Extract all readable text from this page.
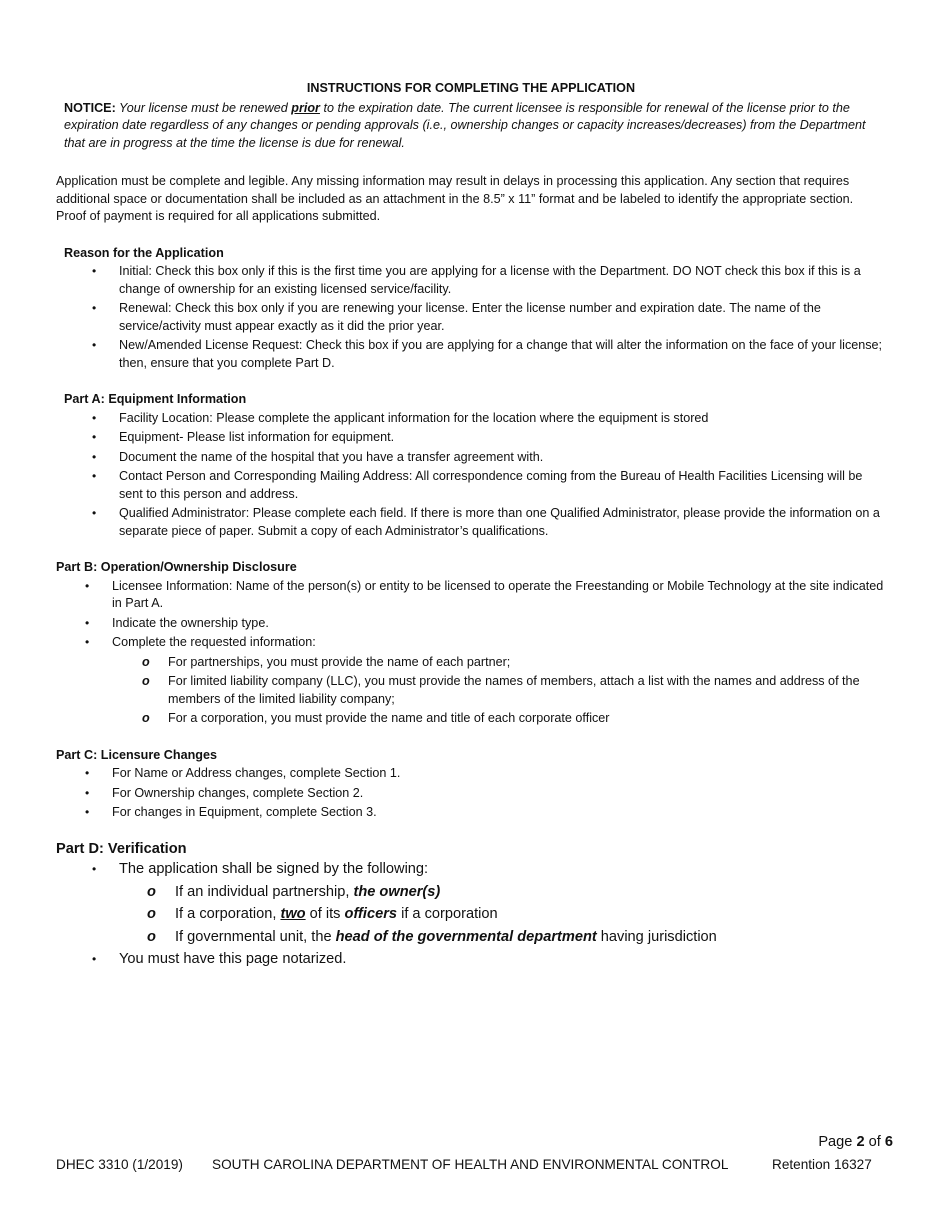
INSTRUCTIONS FOR COMPLETING THE APPLICATION
NOTICE: Your license must be renewed prior to the expiration date. The current licensee is responsible for renewal of the license prior to the expiration date regardless of any changes or pending approvals (i.e., ownership changes or capacity increases/decreases) from the Department that are in progress at the time the license is due for renewal.
Application must be complete and legible. Any missing information may result in delays in processing this application. Any section that requires additional space or documentation shall be included as an attachment in the 8.5” x 11” format and be labeled to identify the appropriate section. Proof of payment is required for all applications submitted.
Reason for the Application
• Initial: Check this box only if this is the first time you are applying for a license with the Department. DO NOT check this box if this is a change of ownership for an existing licensed service/facility.
• Renewal: Check this box only if you are renewing your license. Enter the license number and expiration date. The name of the service/activity must appear exactly as it did the prior year.
• New/Amended License Request: Check this box if you are applying for a change that will alter the information on the face of your license; then, ensure that you complete Part D.
Part A: Equipment Information
• Facility Location: Please complete the applicant information for the location where the equipment is stored
• Equipment- Please list information for equipment.
• Document the name of the hospital that you have a transfer agreement with.
• Contact Person and Corresponding Mailing Address: All correspondence coming from the Bureau of Health Facilities Licensing will be sent to this person and address.
• Qualified Administrator: Please complete each field. If there is more than one Qualified Administrator, please provide the information on a separate piece of paper. Submit a copy of each Administrator’s qualifications.
Part B: Operation/Ownership Disclosure
• Licensee Information: Name of the person(s) or entity to be licensed to operate the Freestanding or Mobile Technology at the site indicated in Part A.
• Indicate the ownership type.
• Complete the requested information:
o For partnerships, you must provide the name of each partner;
o For limited liability company (LLC), you must provide the names of members, attach a list with the names and address of the members of the limited liability company;
o For a corporation, you must provide the name and title of each corporate officer
Part C: Licensure Changes
• For Name or Address changes, complete Section 1.
• For Ownership changes, complete Section 2.
• For changes in Equipment, complete Section 3.
Part D: Verification
• The application shall be signed by the following:
o If an individual partnership, the owner(s)
o If a corporation, two of its officers if a corporation
o If governmental unit, the head of the governmental department having jurisdiction
• You must have this page notarized.
Page 2 of 6
DHEC 3310 (1/2019) SOUTH CAROLINA DEPARTMENT OF HEALTH AND ENVIRONMENTAL CONTROL	Retention 16327
